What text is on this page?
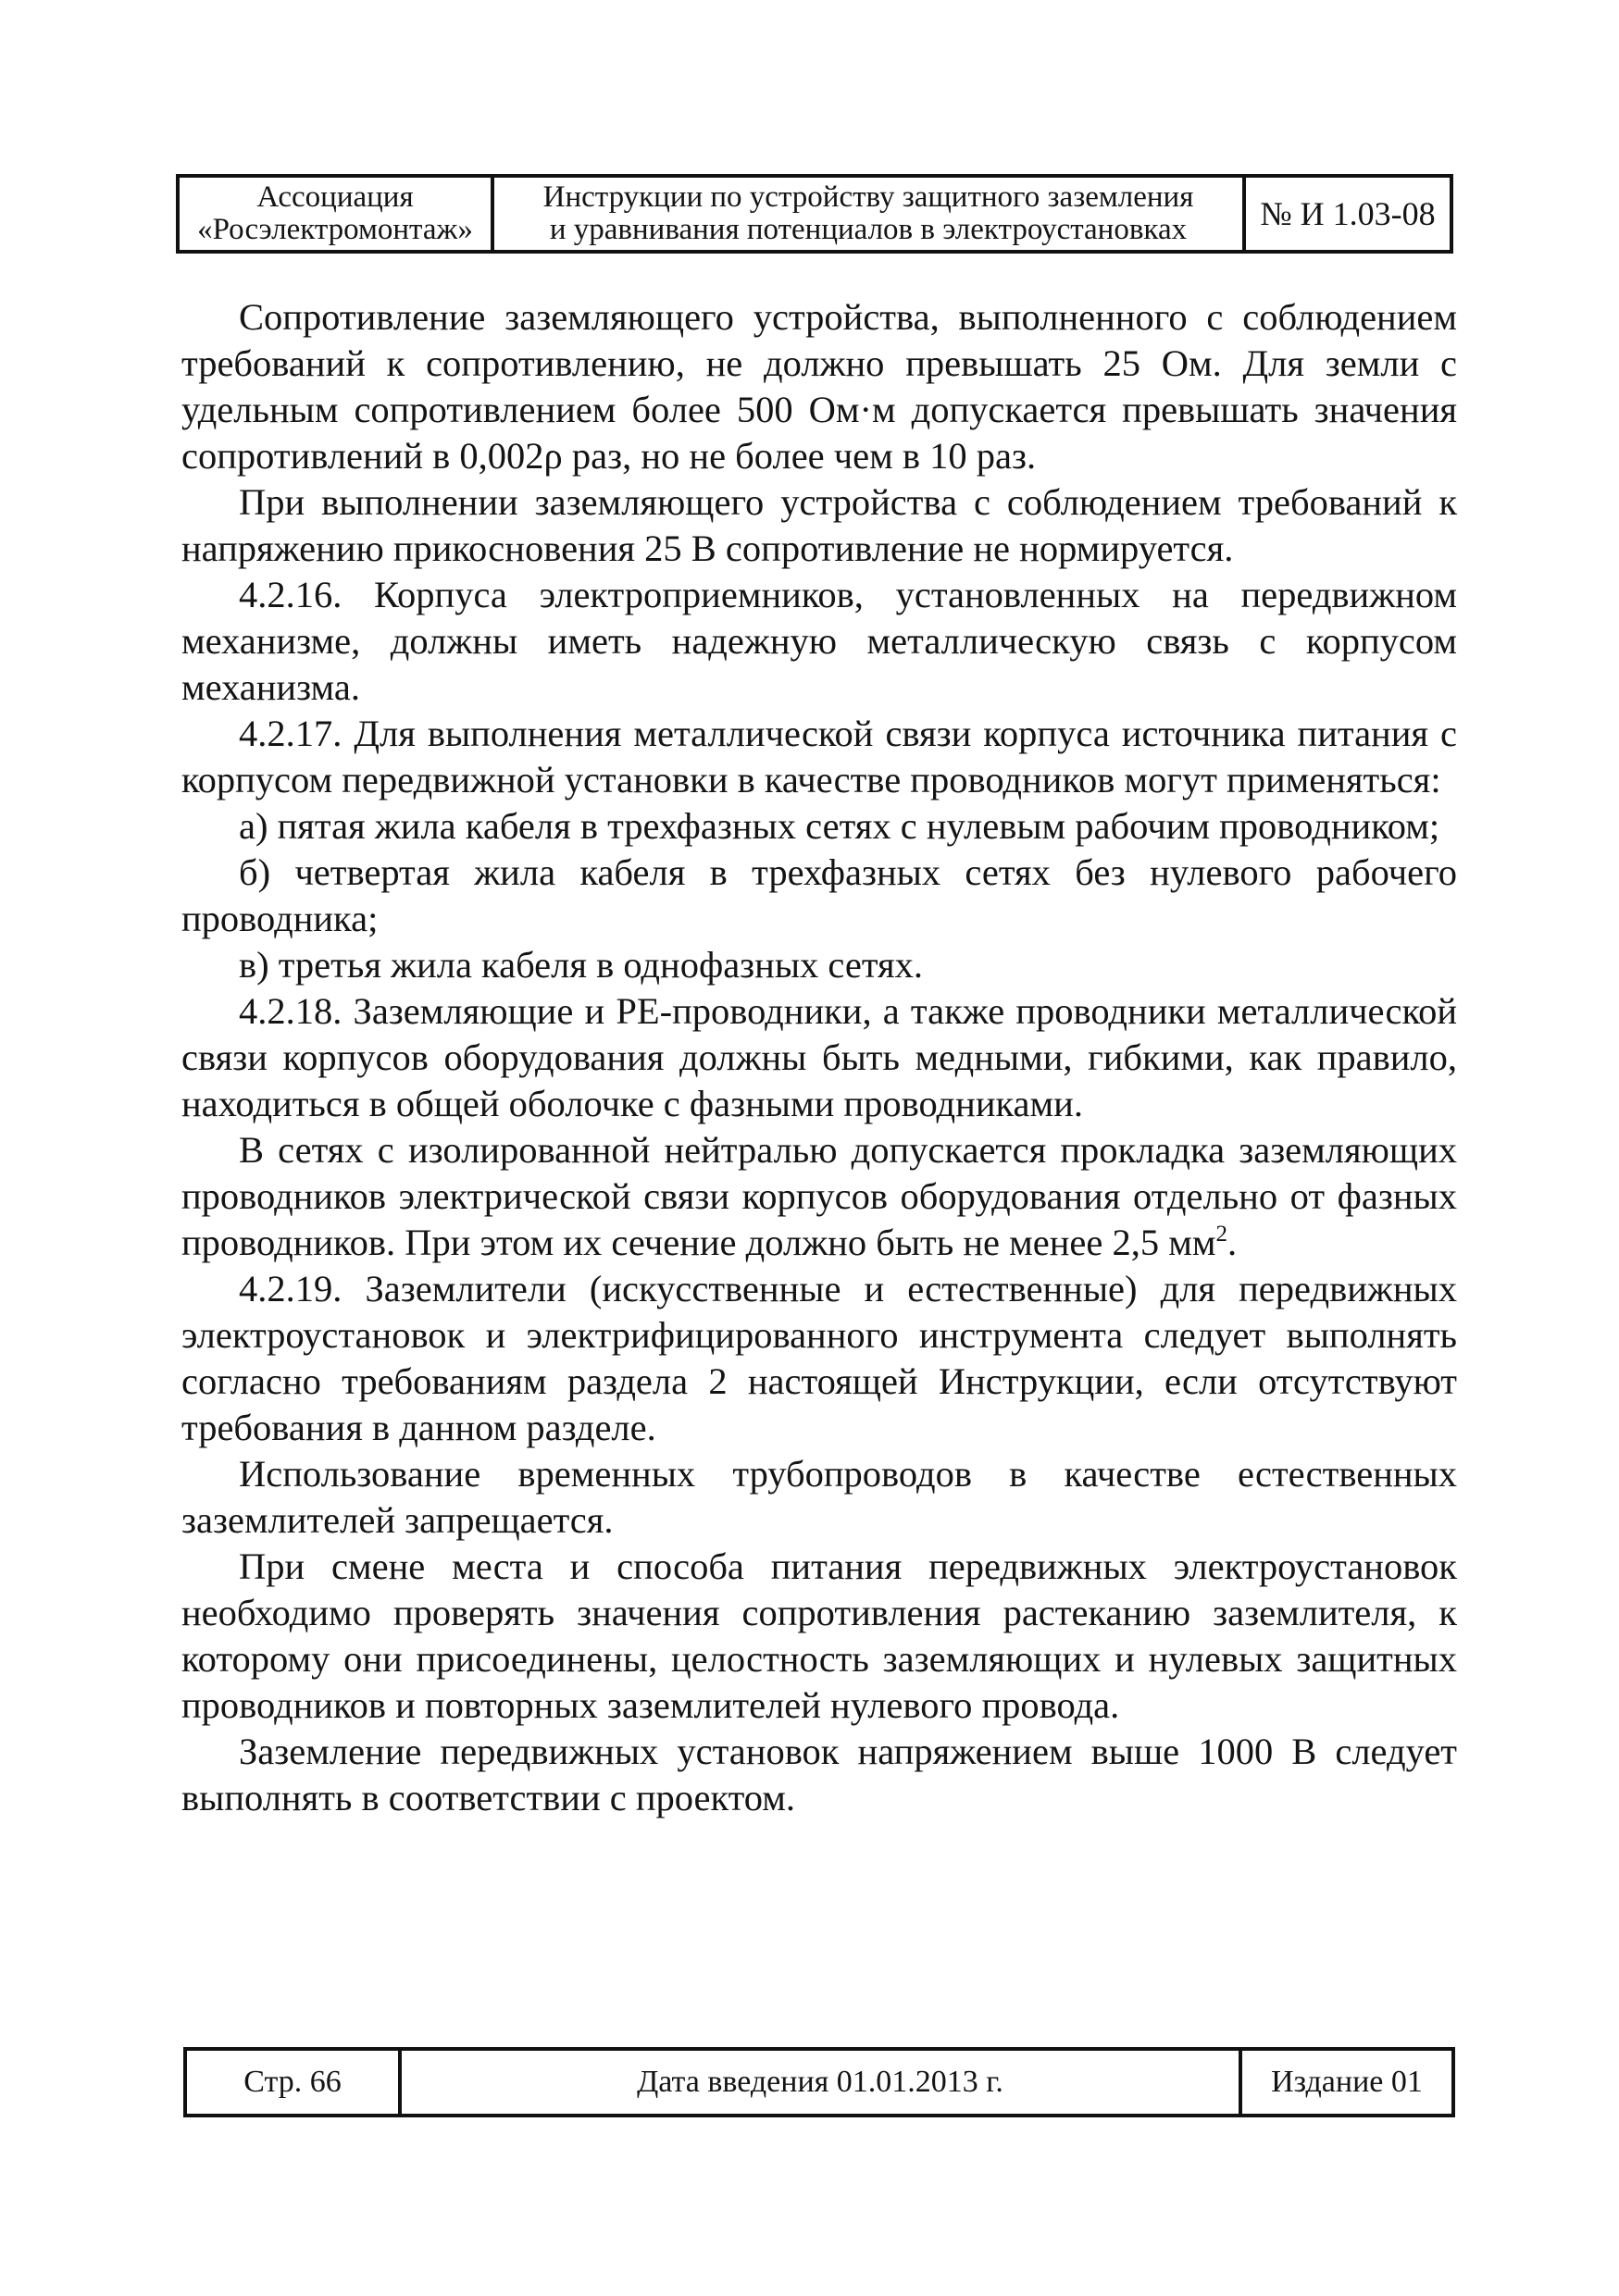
Ассоциация
«Росэлектромонтаж»
Инструкции по устройству защитного заземления
и уравнивания потенциалов в электроустановках № И 1.03-08

Сопротивление заземляющего устройства, выполненного с соблюдением требований к сопротивлению, не должно превышать 25 Ом. Для земли с удельным сопротивлением более 500 Ом·м допускается превышать значения сопротивлений в 0,002ρ раз, но не более чем в 10 раз.

При выполнении заземляющего устройства с соблюдением требований к напряжению прикосновения 25 В сопротивление не нормируется.

4.2.16. Корпуса электроприемников, установленных на передвижном механизме, должны иметь надежную металлическую связь с корпусом механизма.

4.2.17. Для выполнения металлической связи корпуса источника питания с корпусом передвижной установки в качестве проводников могут применяться:

а) пятая жила кабеля в трехфазных сетях с нулевым рабочим проводником;

б) четвертая жила кабеля в трехфазных сетях без нулевого рабочего проводника;

в) третья жила кабеля в однофазных сетях.

4.2.18. Заземляющие и PE-проводники, а также проводники металлической связи корпусов оборудования должны быть медными, гибкими, как правило, находиться в общей оболочке с фазными проводниками.

В сетях с изолированной нейтралью допускается прокладка заземляющих проводников электрической связи корпусов оборудования отдельно от фазных проводников. При этом их сечение должно быть не менее 2,5 $мм^2$.

4.2.19. Заземлители (искусственные и естественные) для передвижных электроустановок и электрифицированного инструмента следует выполнять согласно требованиям раздела 2 настоящей Инструкции, если отсутствуют требования в данном разделе.

Использование временных трубопроводов в качестве естественных заземлителей запрещается.

При смене места и способа питания передвижных электроустановок необходимо проверять значения сопротивления растеканию заземлителя, к которому они присоединены, целостность заземляющих и нулевых защитных проводников и повторных заземлителей нулевого провода.

Заземление передвижных установок напряжением выше 1000 В следует выполнять в соответствии с проектом.

Стр. 66	Дата введения 01.01.2013 г.	Издание 01
